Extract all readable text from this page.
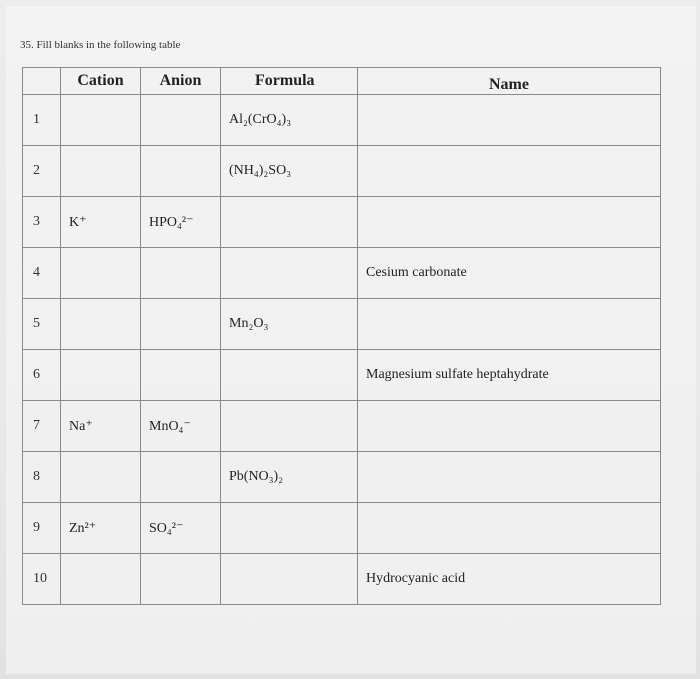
35. Fill blanks in the following table
	Cation	Anion	Formula	Name
1			Al₂(CrO₄)₃	
2			(NH₄)₂SO₃	
3	K⁺	HPO₄²⁻		
4				Cesium carbonate
5			Mn₂O₃	
6				Magnesium sulfate heptahydrate
7	Na⁺	MnO₄⁻		
8			Pb(NO₃)₂	
9	Zn²⁺	SO₄²⁻		
10				Hydrocyanic acid
